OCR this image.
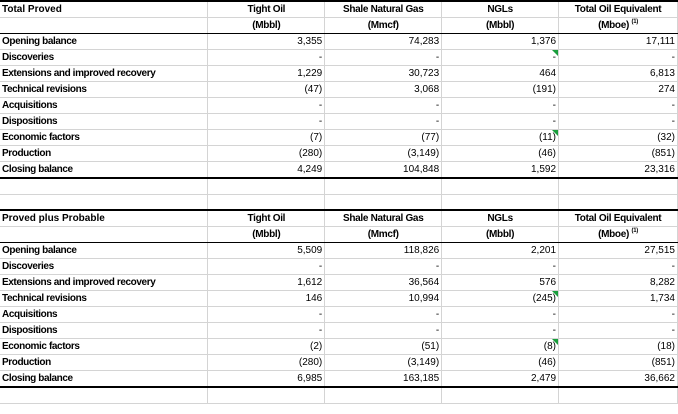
Total Proved	Tight Oil	Shale Natural Gas	NGLs	Total Oil Equivalent
	(Mbbl)	(Mmcf)	(Mbbl)	(Mboe) $^{(1)}$
Opening balance	3,355	74,283	1,376	17,111
Discoveries	-	-	-	-
Extensions and improved recovery	1,229	30,723	464	6,813
Technical revisions	(47)	3,068	(191)	274
Acquisitions	-	-	-	-
Dispositions	-	-	-	-
Economic factors	(7)	(77)	(11)	(32)
Production	(280)	(3,149)	(46)	(851)
Closing balance	4,249	104,848	1,592	23,316

Proved plus Probable	Tight Oil	Shale Natural Gas	NGLs	Total Oil Equivalent
	(Mbbl)	(Mmcf)	(Mbbl)	(Mboe) $^{(1)}$
Opening balance	5,509	118,826	2,201	27,515
Discoveries	-	-	-	-
Extensions and improved recovery	1,612	36,564	576	8,282
Technical revisions	146	10,994	(245)	1,734
Acquisitions	-	-	-	-
Dispositions	-	-	-	-
Economic factors	(2)	(51)	(8)	(18)
Production	(280)	(3,149)	(46)	(851)
Closing balance	6,985	163,185	2,479	36,662
